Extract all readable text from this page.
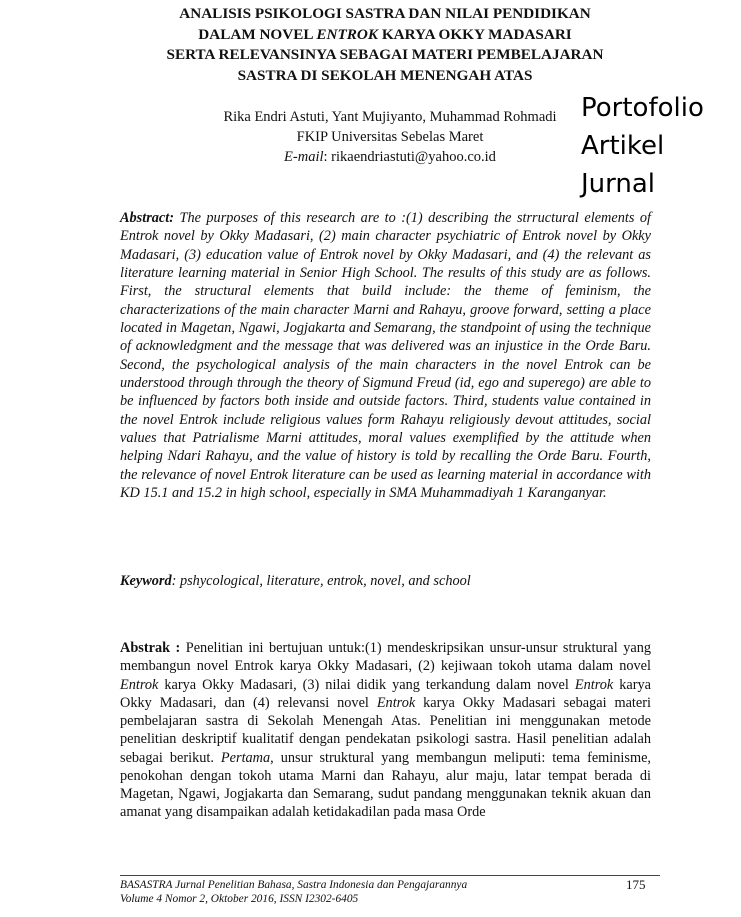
ANALISIS PSIKOLOGI SASTRA DAN NILAI PENDIDIKAN
DALAM NOVEL ENTROK KARYA OKKY MADASARI
SERTA RELEVANSINYA SEBAGAI MATERI PEMBELAJARAN
SASTRA DI SEKOLAH MENENGAH ATAS
Rika Endri Astuti, Yant Mujiyanto, Muhammad Rohmadi
FKIP Universitas Sebelas Maret
E-mail: rikaendriastuti@yahoo.co.id
Portofolio
Artikel
Jurnal
Abstract: The purposes of this research are to :(1) describing the strructural elements of Entrok novel by Okky Madasari, (2) main character psychiatric of Entrok novel by Okky Madasari, (3) education value of Entrok novel by Okky Madasari, and (4) the relevant as literature learning material in Senior High School. The results of this study are as follows. First, the structural elements that build include: the theme of feminism, the characterizations of the main character Marni and Rahayu, groove forward, setting a place located in Magetan, Ngawi, Jogjakarta and Semarang, the standpoint of using the technique of acknowledgment and the message that was delivered was an injustice in the Orde Baru. Second, the psychological analysis of the main characters in the novel Entrok can be understood through through the theory of Sigmund Freud (id, ego and superego) are able to be influenced by factors both inside and outside factors. Third, students value contained in the novel Entrok include religious values form Rahayu religiously devout attitudes, social values that Patrialisme Marni attitudes, moral values exemplified by the attitude when helping Ndari Rahayu, and the value of history is told by recalling the Orde Baru. Fourth, the relevance of novel Entrok literature can be used as learning material in accordance with KD 15.1 and 15.2 in high school, especially in SMA Muhammadiyah 1 Karanganyar.
Keyword: pshycological, literature, entrok, novel, and school
Abstrak : Penelitian ini bertujuan untuk:(1) mendeskripsikan unsur-unsur struktural yang membangun novel Entrok karya Okky Madasari, (2) kejiwaan tokoh utama dalam novel Entrok karya Okky Madasari, (3) nilai didik yang terkandung dalam novel Entrok karya Okky Madasari, dan (4) relevansi novel Entrok karya Okky Madasari sebagai materi pembelajaran sastra di Sekolah Menengah Atas. Penelitian ini menggunakan metode penelitian deskriptif kualitatif dengan pendekatan psikologi sastra. Hasil penelitian adalah sebagai berikut. Pertama, unsur struktural yang membangun meliputi: tema feminisme, penokohan dengan tokoh utama Marni dan Rahayu, alur maju, latar tempat berada di Magetan, Ngawi, Jogjakarta dan Semarang, sudut pandang menggunakan teknik akuan dan amanat yang disampaikan adalah ketidakadilan pada masa Orde
BASASTRA Jurnal Penelitian Bahasa, Sastra Indonesia dan Pengajarannya
Volume 4 Nomor 2, Oktober 2016, ISSN I2302-6405
175
